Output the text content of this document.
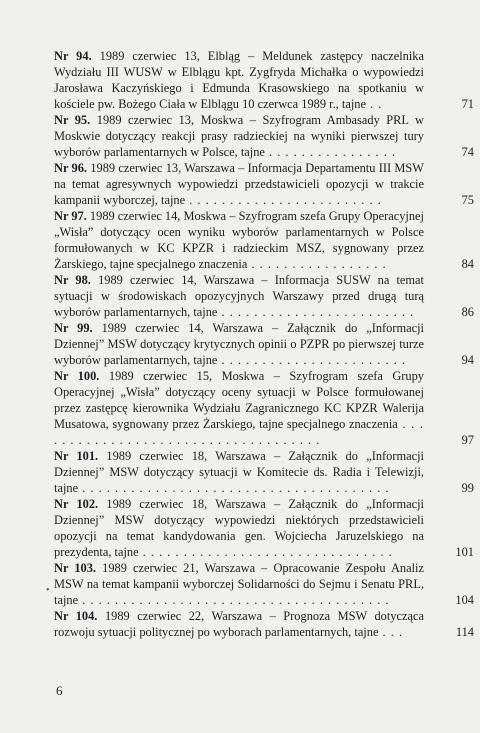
Nr 94. 1989 czerwiec 13, Elbląg – Meldunek zastępcy naczelnika Wydziału III WUSW w Elblągu kpt. Zygfryda Michałka o wypowiedzi Jarosława Kaczyńskiego i Edmunda Krasowskiego na spotkaniu w kościele pw. Bożego Ciała w Elblągu 10 czerwca 1989 r., tajne . .	71
Nr 95. 1989 czerwiec 13, Moskwa – Szyfrogram Ambasady PRL w Moskwie dotyczący reakcji prasy radzieckiej na wyniki pierwszej tury wyborów parlamentarnych w Polsce, tajne . . . . . . . . . . . . . . . .	74
Nr 96. 1989 czerwiec 13, Warszawa – Informacja Departamentu III MSW na temat agresywnych wypowiedzi przedstawicieli opozycji w trakcie kampanii wyborczej, tajne . . . . . . . . . . . . . . . . . . . . . . . .	75
Nr 97. 1989 czerwiec 14, Moskwa – Szyfrogram szefa Grupy Operacyjnej „Wisła” dotyczący ocen wyniku wyborów parlamentarnych w Polsce formułowanych w KC KPZR i radzieckim MSZ, sygnowany przez Żarskiego, tajne specjalnego znaczenia . . . . . . . . . . . . . . . . .	84
Nr 98. 1989 czerwiec 14, Warszawa – Informacja SUSW na temat sytuacji w środowiskach opozycyjnych Warszawy przed drugą turą wyborów parlamentarnych, tajne . . . . . . . . . . . . . . . . . . . . . . . .	86
Nr 99. 1989 czerwiec 14, Warszawa – Załącznik do „Informacji Dziennej” MSW dotyczący krytycznych opinii o PZPR po pierwszej turze wyborów parlamentarnych, tajne . . . . . . . . . . . . . . . . . . . . . . .	94
Nr 100. 1989 czerwiec 15, Moskwa – Szyfrogram szefa Grupy Operacyjnej „Wisła” dotyczący oceny sytuacji w Polsce formułowanej przez zastępcę kierownika Wydziału Zagranicznego KC KPZR Walerija Musatowa, sygnowany przez Żarskiego, tajne specjalnego znaczenia . . . . . . . . . . . . . . . . . . . . . . . . . . . . . . . . . . . .	97
Nr 101. 1989 czerwiec 18, Warszawa – Załącznik do „Informacji Dziennej” MSW dotyczący sytuacji w Komitecie ds. Radia i Telewizji, tajne . . . . . . . . . . . . . . . . . . . . . . . . . . . . . . . . . . . . . .	99
Nr 102. 1989 czerwiec 18, Warszawa – Załącznik do „Informacji Dziennej” MSW dotyczący wypowiedzi niektórych przedstawicieli opozycji na temat kandydowania gen. Wojciecha Jaruzelskiego na prezydenta, tajne . . . . . . . . . . . . . . . . . . . . . . . . . . . . . . .	101
Nr 103. 1989 czerwiec 21, Warszawa – Opracowanie Zespołu Analiz MSW na temat kampanii wyborczej Solidarności do Sejmu i Senatu PRL, tajne . . . . . . . . . . . . . . . . . . . . . . . . . . . . . . . . . . . . . .	104
Nr 104. 1989 czerwiec 22, Warszawa – Prognoza MSW dotycząca rozwoju sytuacji politycznej po wyborach parlamentarnych, tajne . . .	114
•
6
